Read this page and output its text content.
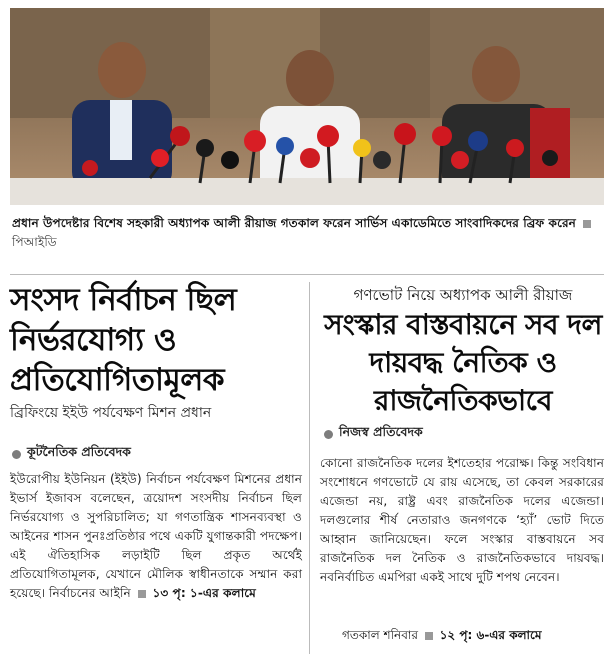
প্রধান উপদেষ্টার বিশেষ সহকারী অধ্যাপক আলী রীয়াজ গতকাল ফরেন সার্ভিস একাডেমিতে সাংবাদিকদের ব্রিফ করেন  পিআইডি
সংসদ নির্বাচন ছিল নির্ভরযোগ্য ও প্রতিযোগিতামূলক
ব্রিফিংয়ে ইইউ পর্যবেক্ষণ মিশন প্রধান
কূটনৈতিক প্রতিবেদক
ইউরোপীয় ইউনিয়ন (ইইউ) নির্বাচন পর্যবেক্ষণ মিশনের প্রধান ইভার্স ইজাবস বলেছেন, ত্রয়োদশ সংসদীয় নির্বাচন ছিল নির্ভরযোগ্য ও সুপরিচালিত; যা গণতান্ত্রিক শাসনব্যবস্থা ও আইনের শাসন পুনঃপ্রতিষ্ঠার পথে একটি যুগান্তকারী পদক্ষেপ। এই ঐতিহাসিক লড়াইটি ছিল প্রকৃত অর্থেই প্রতিযোগিতামূলক, যেখানে মৌলিক স্বাধীনতাকে সম্মান করা হয়েছে। নির্বাচনের আইনি ১৩ পৃ: ১-এর কলামে
গণভোট নিয়ে অধ্যাপক আলী রীয়াজ
সংস্কার বাস্তবায়নে সব দল দায়বদ্ধ নৈতিক ও রাজনৈতিকভাবে
নিজস্ব প্রতিবেদক
কোনো রাজনৈতিক দলের ইশতেহার পরোক্ষ। কিন্তু সংবিধান সংশোধনে গণভোটে যে রায় এসেছে, তা কেবল সরকারের এজেন্ডা নয়, রাষ্ট্র এবং রাজনৈতিক দলের এজেন্ডা। দলগুলোর শীর্ষ নেতারাও জনগণকে ‘হ্যাঁ’ ভোট দিতে আহ্বান জানিয়েছেন। ফলে সংস্কার বাস্তবায়নে সব রাজনৈতিক দল নৈতিক ও রাজনৈতিকভাবে দায়বদ্ধ। নবনির্বাচিত এমপিরা একই সাথে দুটি শপথ নেবেন।
গতকাল শনিবার ১২ পৃ: ৬-এর কলামে
